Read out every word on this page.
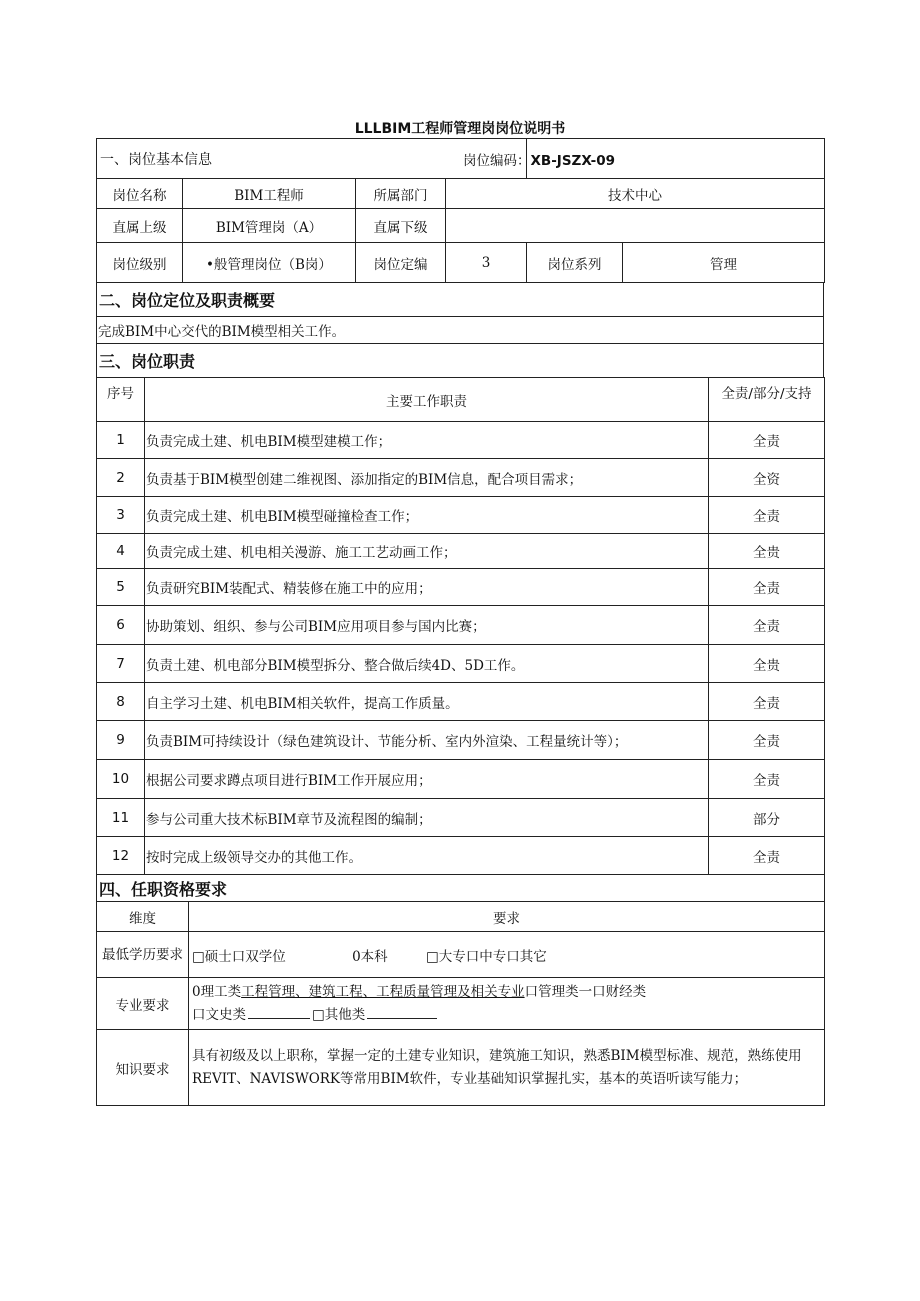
LLLBIM工程师管理岗岗位说明书
一、岗位基本信息				岗位编码：XB-JSZX-09	
岗位名称	BIM工程师	所属部门	技术中心		
直属上级	BIM管理岗（A）	直属下级			
岗位级别	•般管理岗位（B岗）	岗位定编	3	岗位系列	管理
二、岗位定位及职责概要
完成BIM中心交代的BIM模型相关工作。
三、岗位职责
序号	主要工作职责	全责/部分/支持
1	负责完成土建、机电BIM模型建模工作；	全责
2	负责基于BIM模型创建二维视图、添加指定的BIM信息，配合项目需求；	全资
3	负责完成土建、机电BIM模型碰撞检查工作；	全责
4	负责完成土建、机电相关漫游、施工工艺动画工作；	全贵
5	负责研究BIM装配式、精装修在施工中的应用；	全责
6	协助策划、组织、参与公司BIM应用项目参与国内比赛；	全责
7	负责土建、机电部分BIM模型拆分、整合做后续4D、5D工作。	全贵
8	自主学习土建、机电BIM相关软件，提高工作质量。	全责
9	负责BIM可持续设计（绿色建筑设计、节能分析、室内外渲染、工程量统计等）；	全责
10	根据公司要求蹲点项目进行BIM工作开展应用；	全责
11	参与公司重大技术标BIM章节及流程图的编制；	部分
12	按时完成上级领导交办的其他工作。	全责
四、任职资格要求	
维度	要求
最低学历要求	□硕士口双学位 0本科 □大专口中专口其它
专业要求	0理工类工程管理、建筑工程、工程质量管理及相关专业口管理类一口财经类
口文史类 □其他类
知识要求	具有初级及以上职称，掌握一定的土建专业知识，建筑施工知识，熟悉BIM模型标准、规范，熟练使用REVIT、NAVISWORK等常用BIM软件，专业基础知识掌握扎实，基本的英语听读写能力；
